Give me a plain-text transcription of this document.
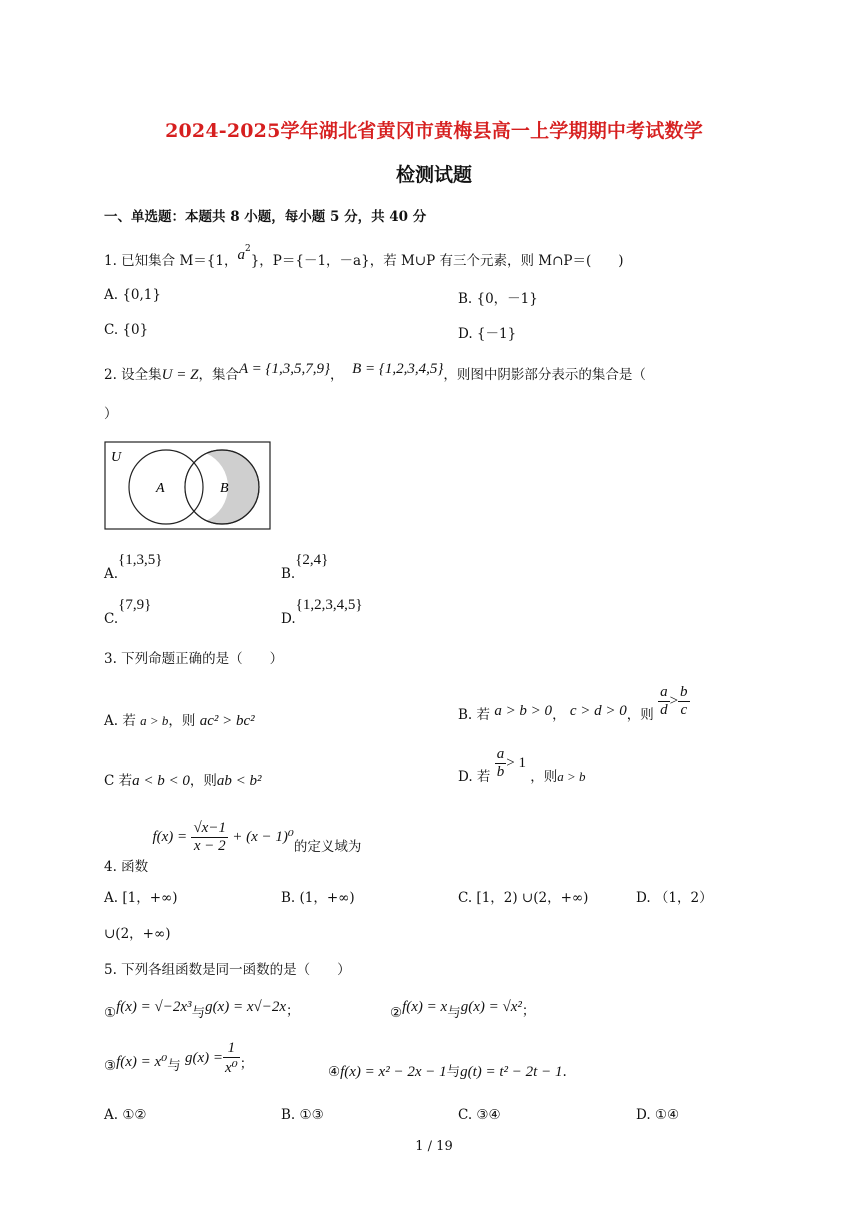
2024-2025学年湖北省黄冈市黄梅县高一上学期期中考试数学
检测试题
一、单选题：本题共 8 小题，每小题 5 分，共 40 分
1. 已知集合 M＝{1，$a^2$}，P＝{－1，－a}，若 M∪P 有三个元素，则 M∩P＝(　　)
A. {0,1}	B. {0，－1}
C. {0}	D. {－1}
2. 设全集U = Z，集合A = {1,3,5,7,9}， B = {1,2,3,4,5}，则图中阴影部分表示的集合是（
）
U
A	B
A.{1,3,5}
B.{2,4}
C.{7,9}
D.{1,2,3,4,5}
3. 下列命题正确的是（　　）
A. 若 a > b，则 ac² > bc²	B. 若 a > b > 0， c > d > 0，则 $\frac{a}{d} > \frac{b}{c}$
C 若a < b < 0，则ab < b²	D. 若 $\frac{a}{b} > 1$ ，则a > b
4. 函数 $f(x) = \frac{√x-1}{x - 2} + (x - 1)^0$的定义域为
A. [1，+∞)	B. (1，+∞)	C. [1，2) ∪(2，+∞)	D. （1，2）
∪(2，+∞)
5. 下列各组函数是同一函数的是（　　）
①f(x) = √−2x³与g(x) = x√−2x；	②f(x) = x与g(x) = √x²；
③f(x) = x⁰与 $g(x) = \frac{1}{\text{x⁰}}$ ；	④f(x) = x² − 2x − 1与g(t) = t² − 2t − 1.
A. ①②	B. ①③	C. ③④	D. ①④
1 / 19
